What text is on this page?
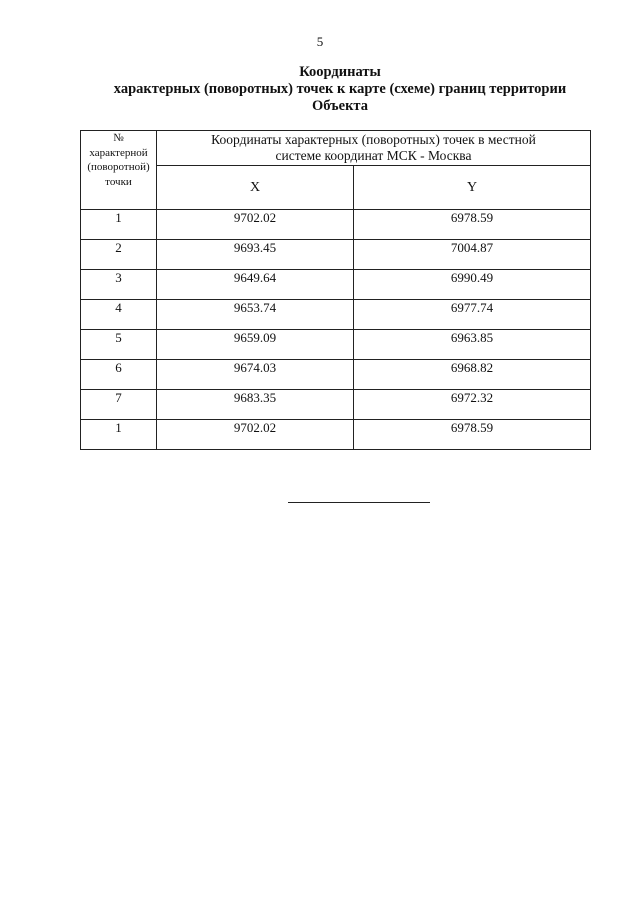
5
Координаты
характерных (поворотных) точек к карте (схеме) границ территории
Объекта
№
характерной
(поворотной)
точки	Координаты характерных (поворотных) точек в местной
системе координат МСК - Москва	

	X	Y
1	9702.02	6978.59
2	9693.45	7004.87
3	9649.64	6990.49
4	9653.74	6977.74
5	9659.09	6963.85
6	9674.03	6968.82
7	9683.35	6972.32
1	9702.02	6978.59
